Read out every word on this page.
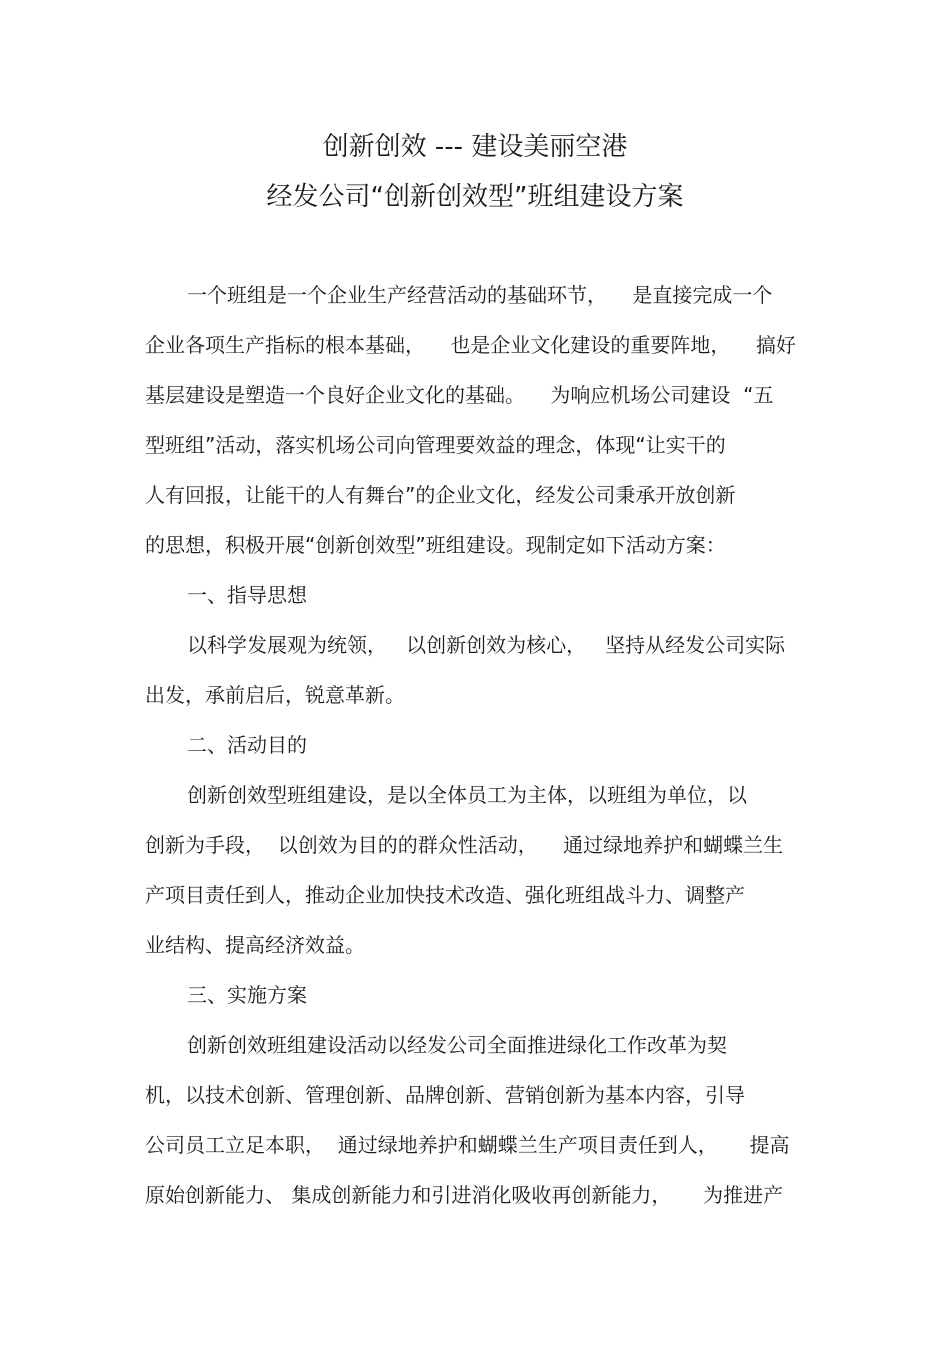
创新创效 --- 建设美丽空港
经发公司“创新创效型”班组建设方案
一个班组是一个企业生产经营活动的基础环节，    是直接完成一个
企业各项生产指标的根本基础，    也是企业文化建设的重要阵地，    搞好
基层建设是塑造一个良好企业文化的基础。    为响应机场公司建设  “五
型班组”活动，落实机场公司向管理要效益的理念，体现“让实干的
人有回报，让能干的人有舞台”的企业文化，经发公司秉承开放创新
的思想，积极开展“创新创效型”班组建设。现制定如下活动方案：
一、指导思想
以科学发展观为统领，   以创新创效为核心，   坚持从经发公司实际
出发，承前启后，锐意革新。
二、活动目的
创新创效型班组建设，是以全体员工为主体，以班组为单位，以
创新为手段，  以创效为目的的群众性活动，    通过绿地养护和蝴蝶兰生
产项目责任到人，推动企业加快技术改造、强化班组战斗力、调整产
业结构、提高经济效益。
三、实施方案
创新创效班组建设活动以经发公司全面推进绿化工作改革为契
机，以技术创新、管理创新、品牌创新、营销创新为基本内容，引导
公司员工立足本职，  通过绿地养护和蝴蝶兰生产项目责任到人，     提高
原始创新能力、 集成创新能力和引进消化吸收再创新能力，     为推进产
